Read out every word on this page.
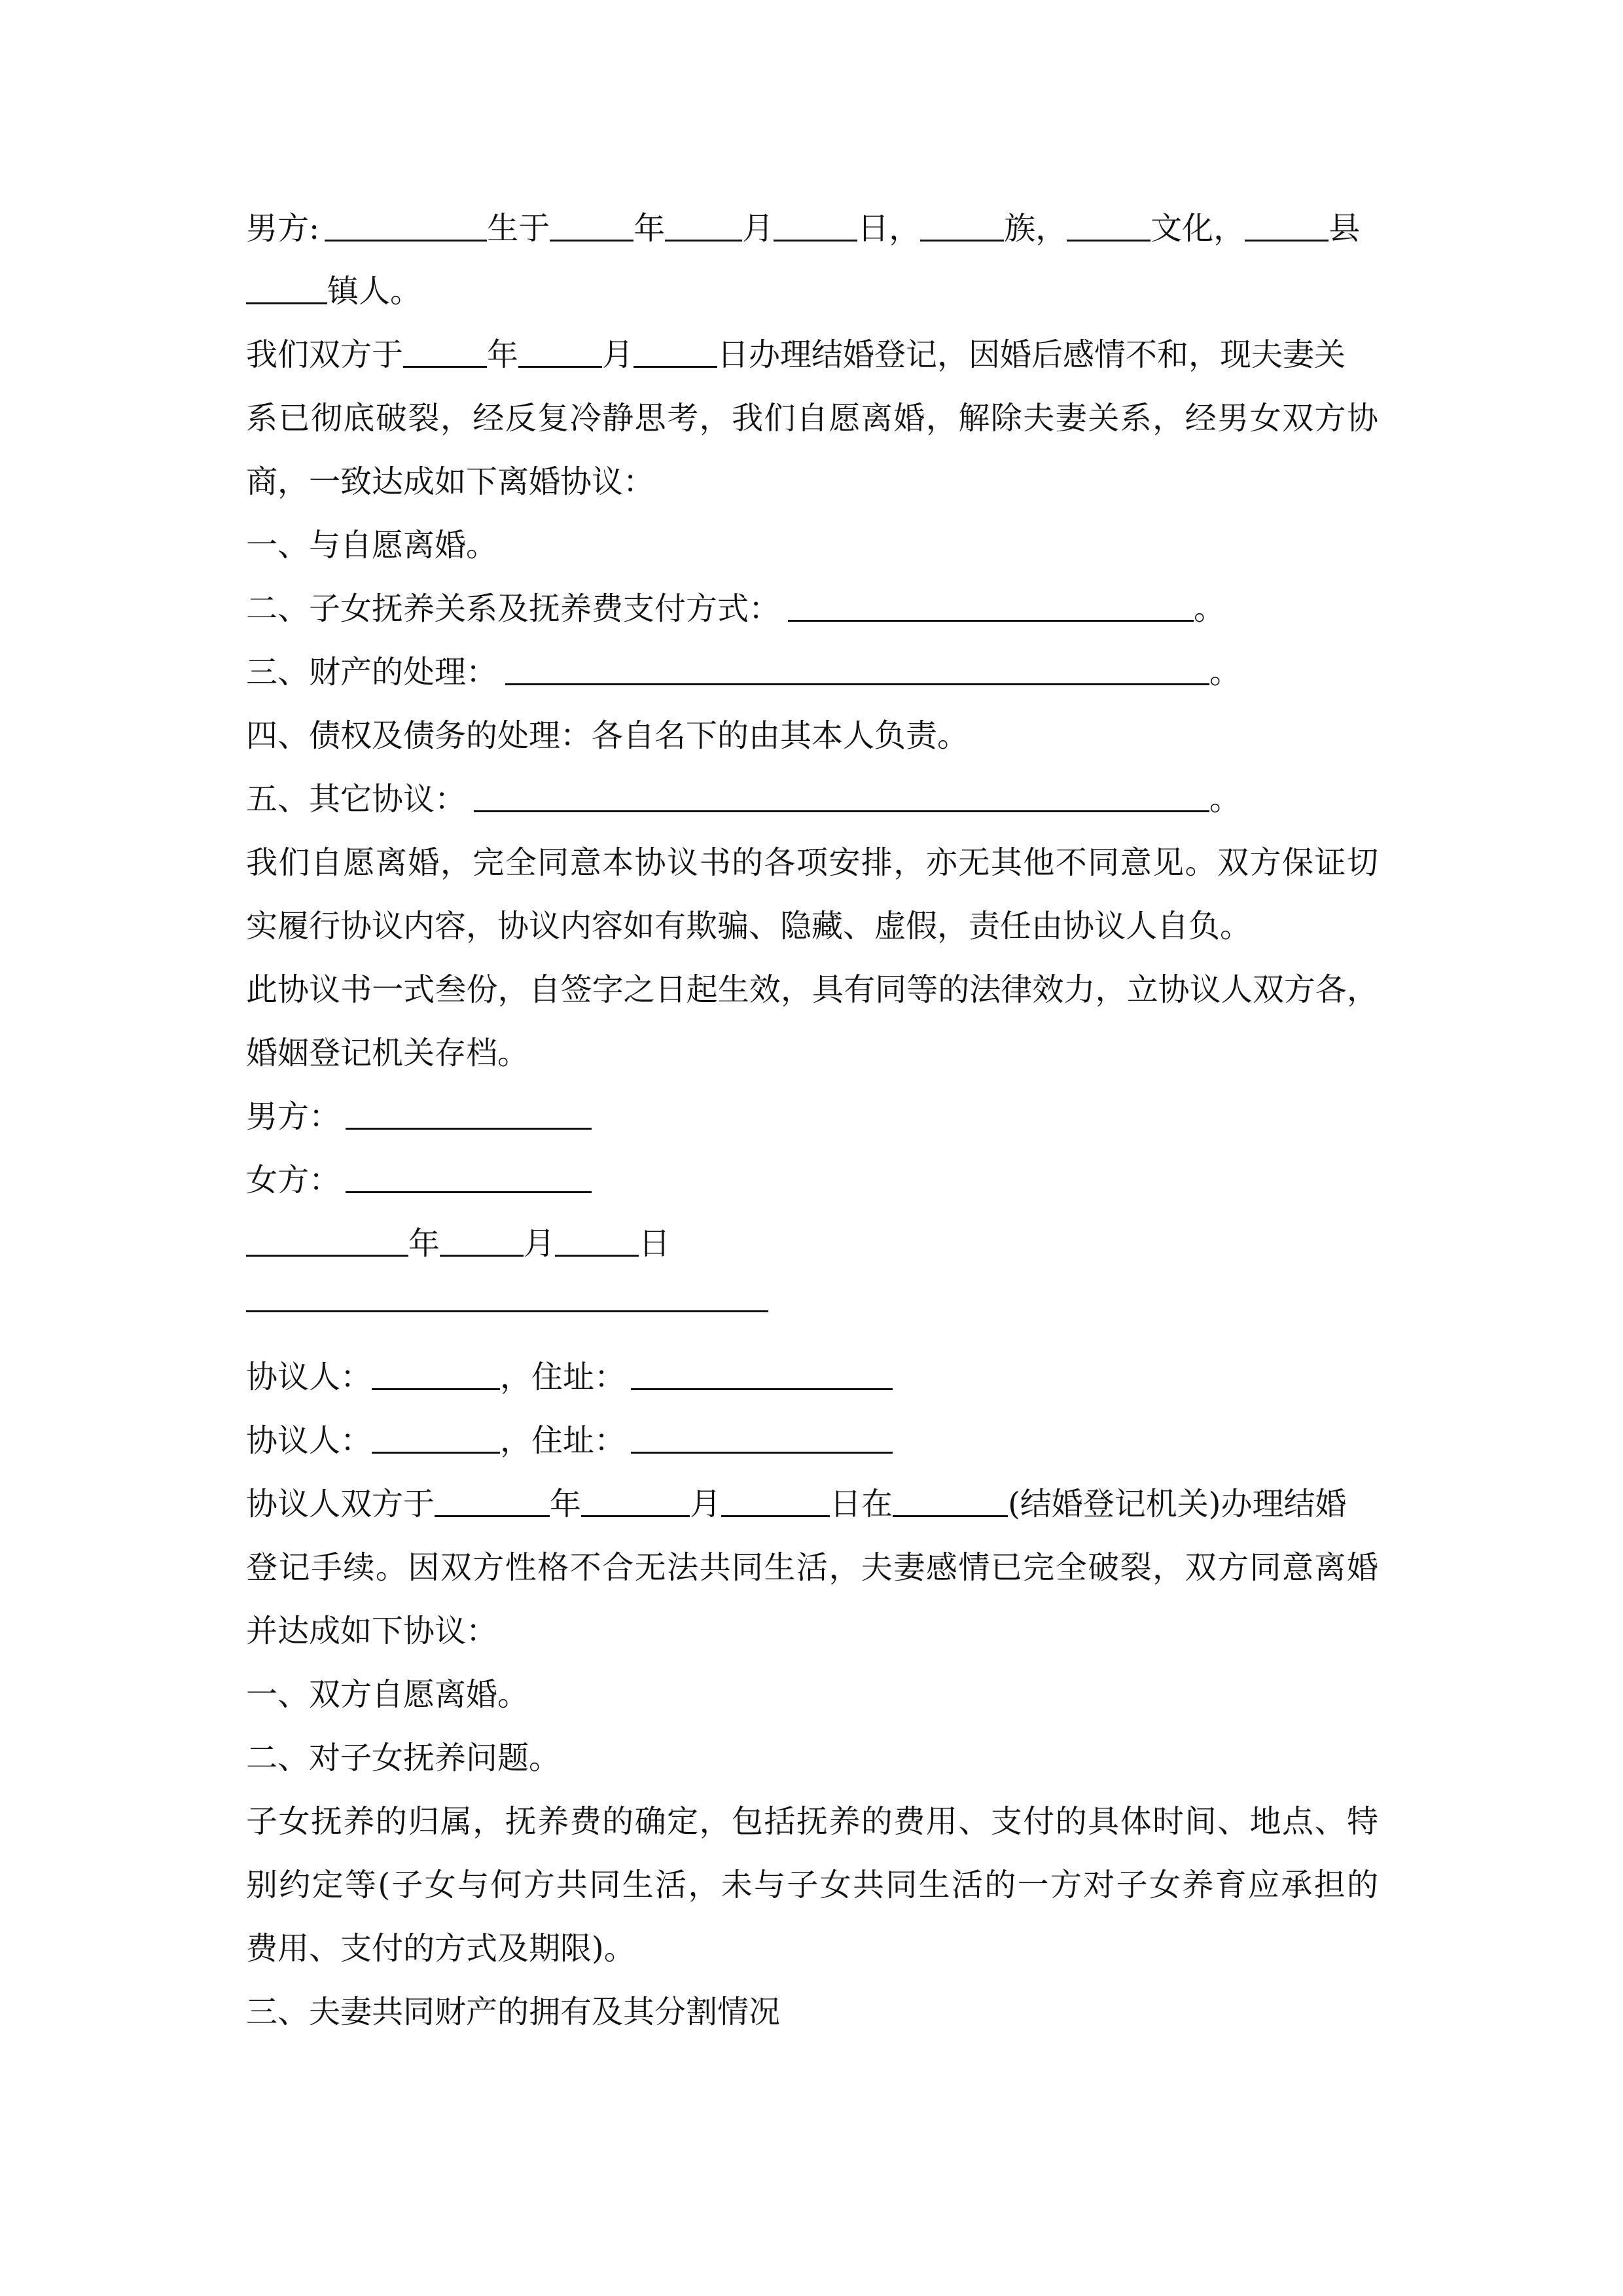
男方:	生于	年 月	日，	族，	文化，	县
镇人。
我们双方于	年	月	日办理结婚登记，因婚后感情不和，现夫妻关
系已彻底破裂，经反复冷静思考，我们自愿离婚，解除夫妻关系，经男女双方协
商，一致达成如下离婚协议：
一、与自愿离婚。
二、子女抚养关系及抚养费支付方式：	。
三、财产的处理：	。
四、债权及债务的处理：各自名下的由其本人负责。
五、其它协议：	。
我们自愿离婚，完全同意本协议书的各项安排，亦无其他不同意见。双方保证切
实履行协议内容，协议内容如有欺骗、隐藏、虚假，责任由协议人自负。
此协议书一式叁份，自签字之日起生效，具有同等的法律效力，立协议人双方各，
婚姻登记机关存档。
男方：
女方：
年	月	日
协议人：	，住址：
协议人：	，住址：
协议人双方于	年	月	日在	(结婚登记机关)办理结婚
登记手续。因双方性格不合无法共同生活，夫妻感情已完全破裂，双方同意离婚
并达成如下协议：
一、双方自愿离婚。
二、对子女抚养问题。
子女抚养的归属，抚养费的确定，包括抚养的费用、支付的具体时间、地点、特
别约定等(子女与何方共同生活，未与子女共同生活的一方对子女养育应承担的
费用、支付的方式及期限)。
三、夫妻共同财产的拥有及其分割情况
